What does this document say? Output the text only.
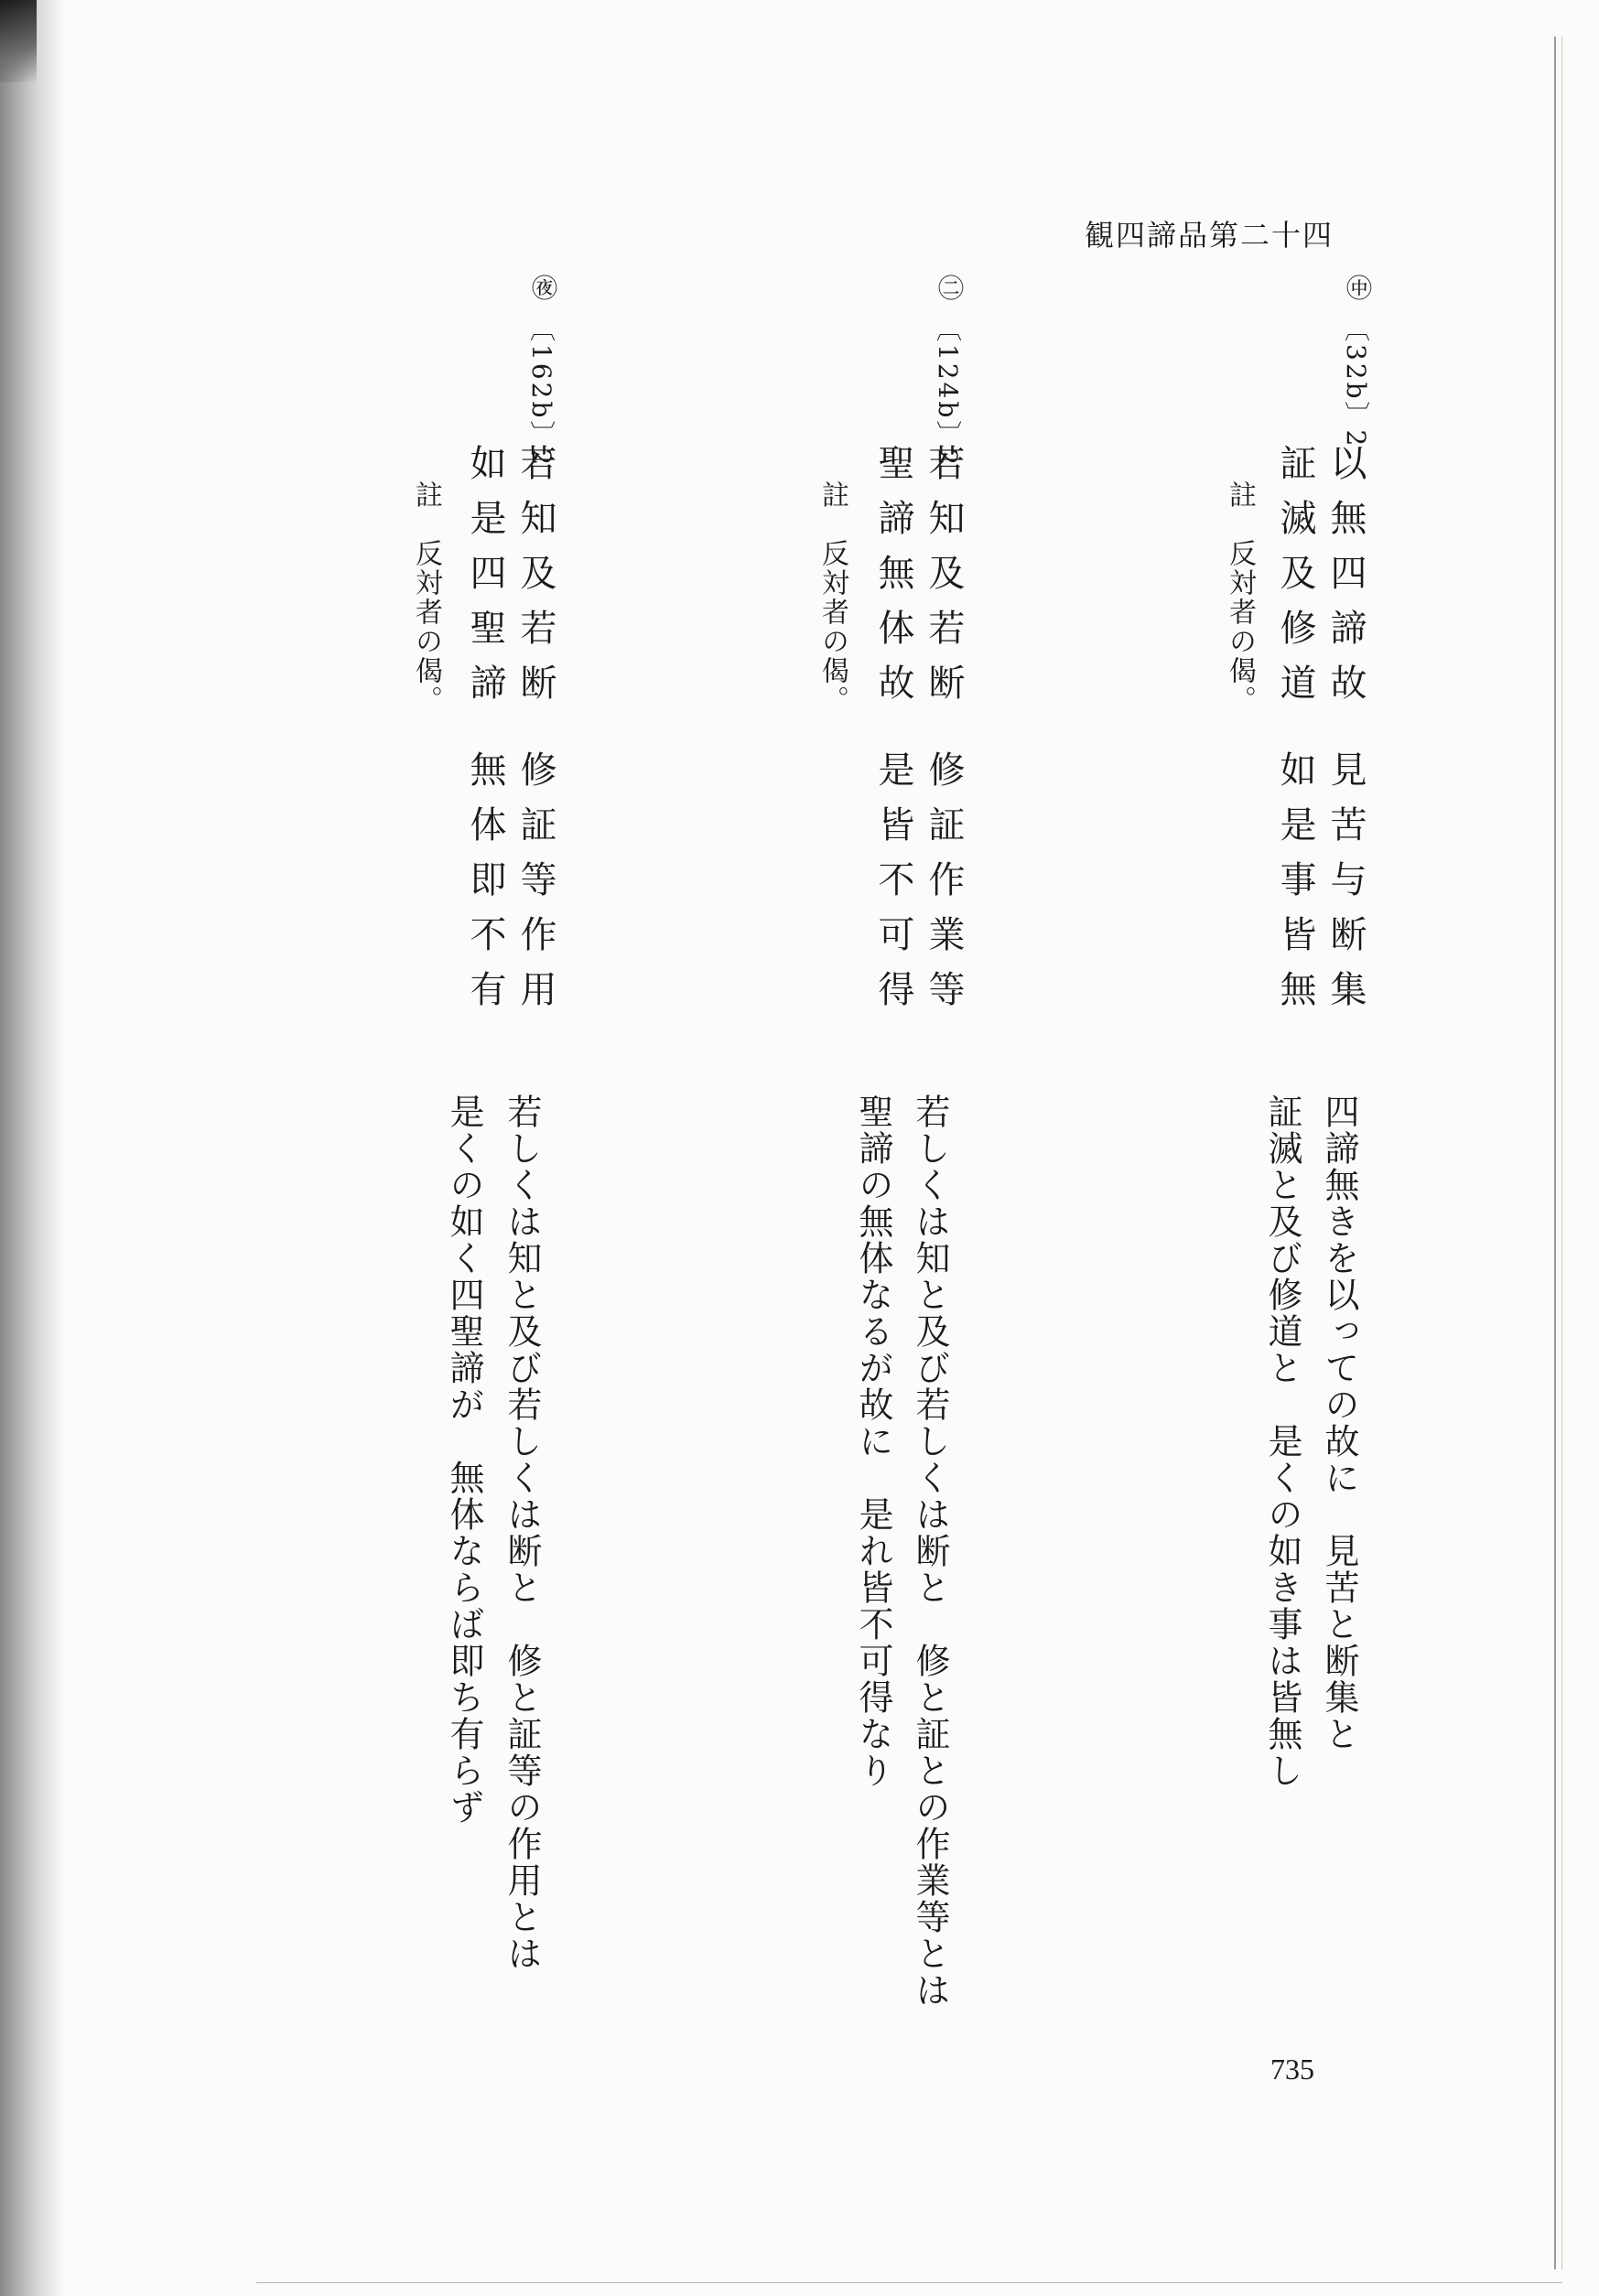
観四諦品第二十四
㊥
〔32b〕2
以無四諦故
証滅及修道
見苦与断集
如是事皆無
註　反対者の偈。
四諦無きを以っての故に　見苦と断集と
証滅と及び修道と　是くの如き事は皆無し
㊁
〔124b〕2
若知及若断
聖諦無体故
修証作業等
是皆不可得
註　反対者の偈。
若しくは知と及び若しくは断と　修と証との作業等とは
聖諦の無体なるが故に　是れ皆不可得なり
㊰
〔162b〕2
若知及若断
如是四聖諦
修証等作用
無体即不有
註　反対者の偈。
若しくは知と及び若しくは断と　修と証等の作用とは
是くの如く四聖諦が　無体ならば即ち有らず
735
